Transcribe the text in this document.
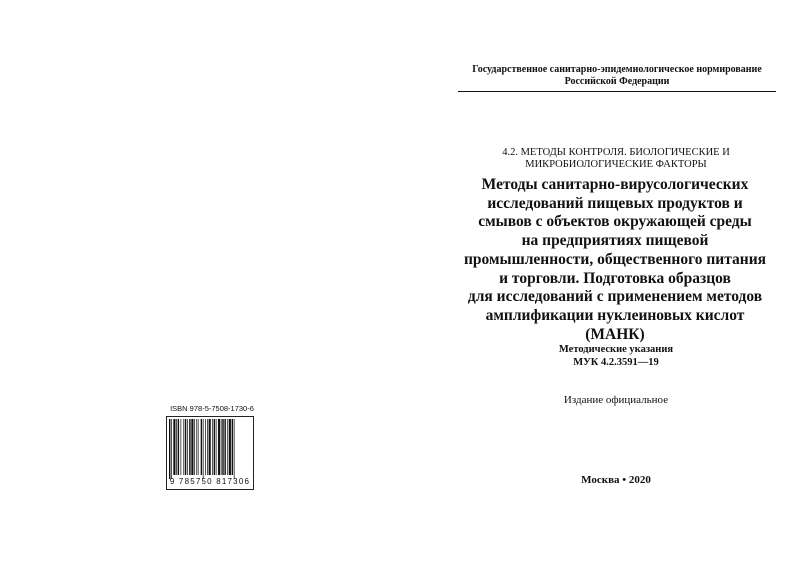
Государственное санитарно-эпидемиологическое нормирование
Российской Федерации
4.2. МЕТОДЫ КОНТРОЛЯ. БИОЛОГИЧЕСКИЕ И
МИКРОБИОЛОГИЧЕСКИЕ ФАКТОРЫ
Методы санитарно-вирусологических
исследований пищевых продуктов и
смывов с объектов окружающей среды
на предприятиях пищевой
промышленности, общественного питания
и торговли. Подготовка образцов
для исследований с применением методов
амплификации нуклеиновых кислот
(МАНК)
Методические указания
МУК 4.2.3591—19
Издание официальное
Москва • 2020
ISBN 978-5-7508-1730-6
9 785750 817306
